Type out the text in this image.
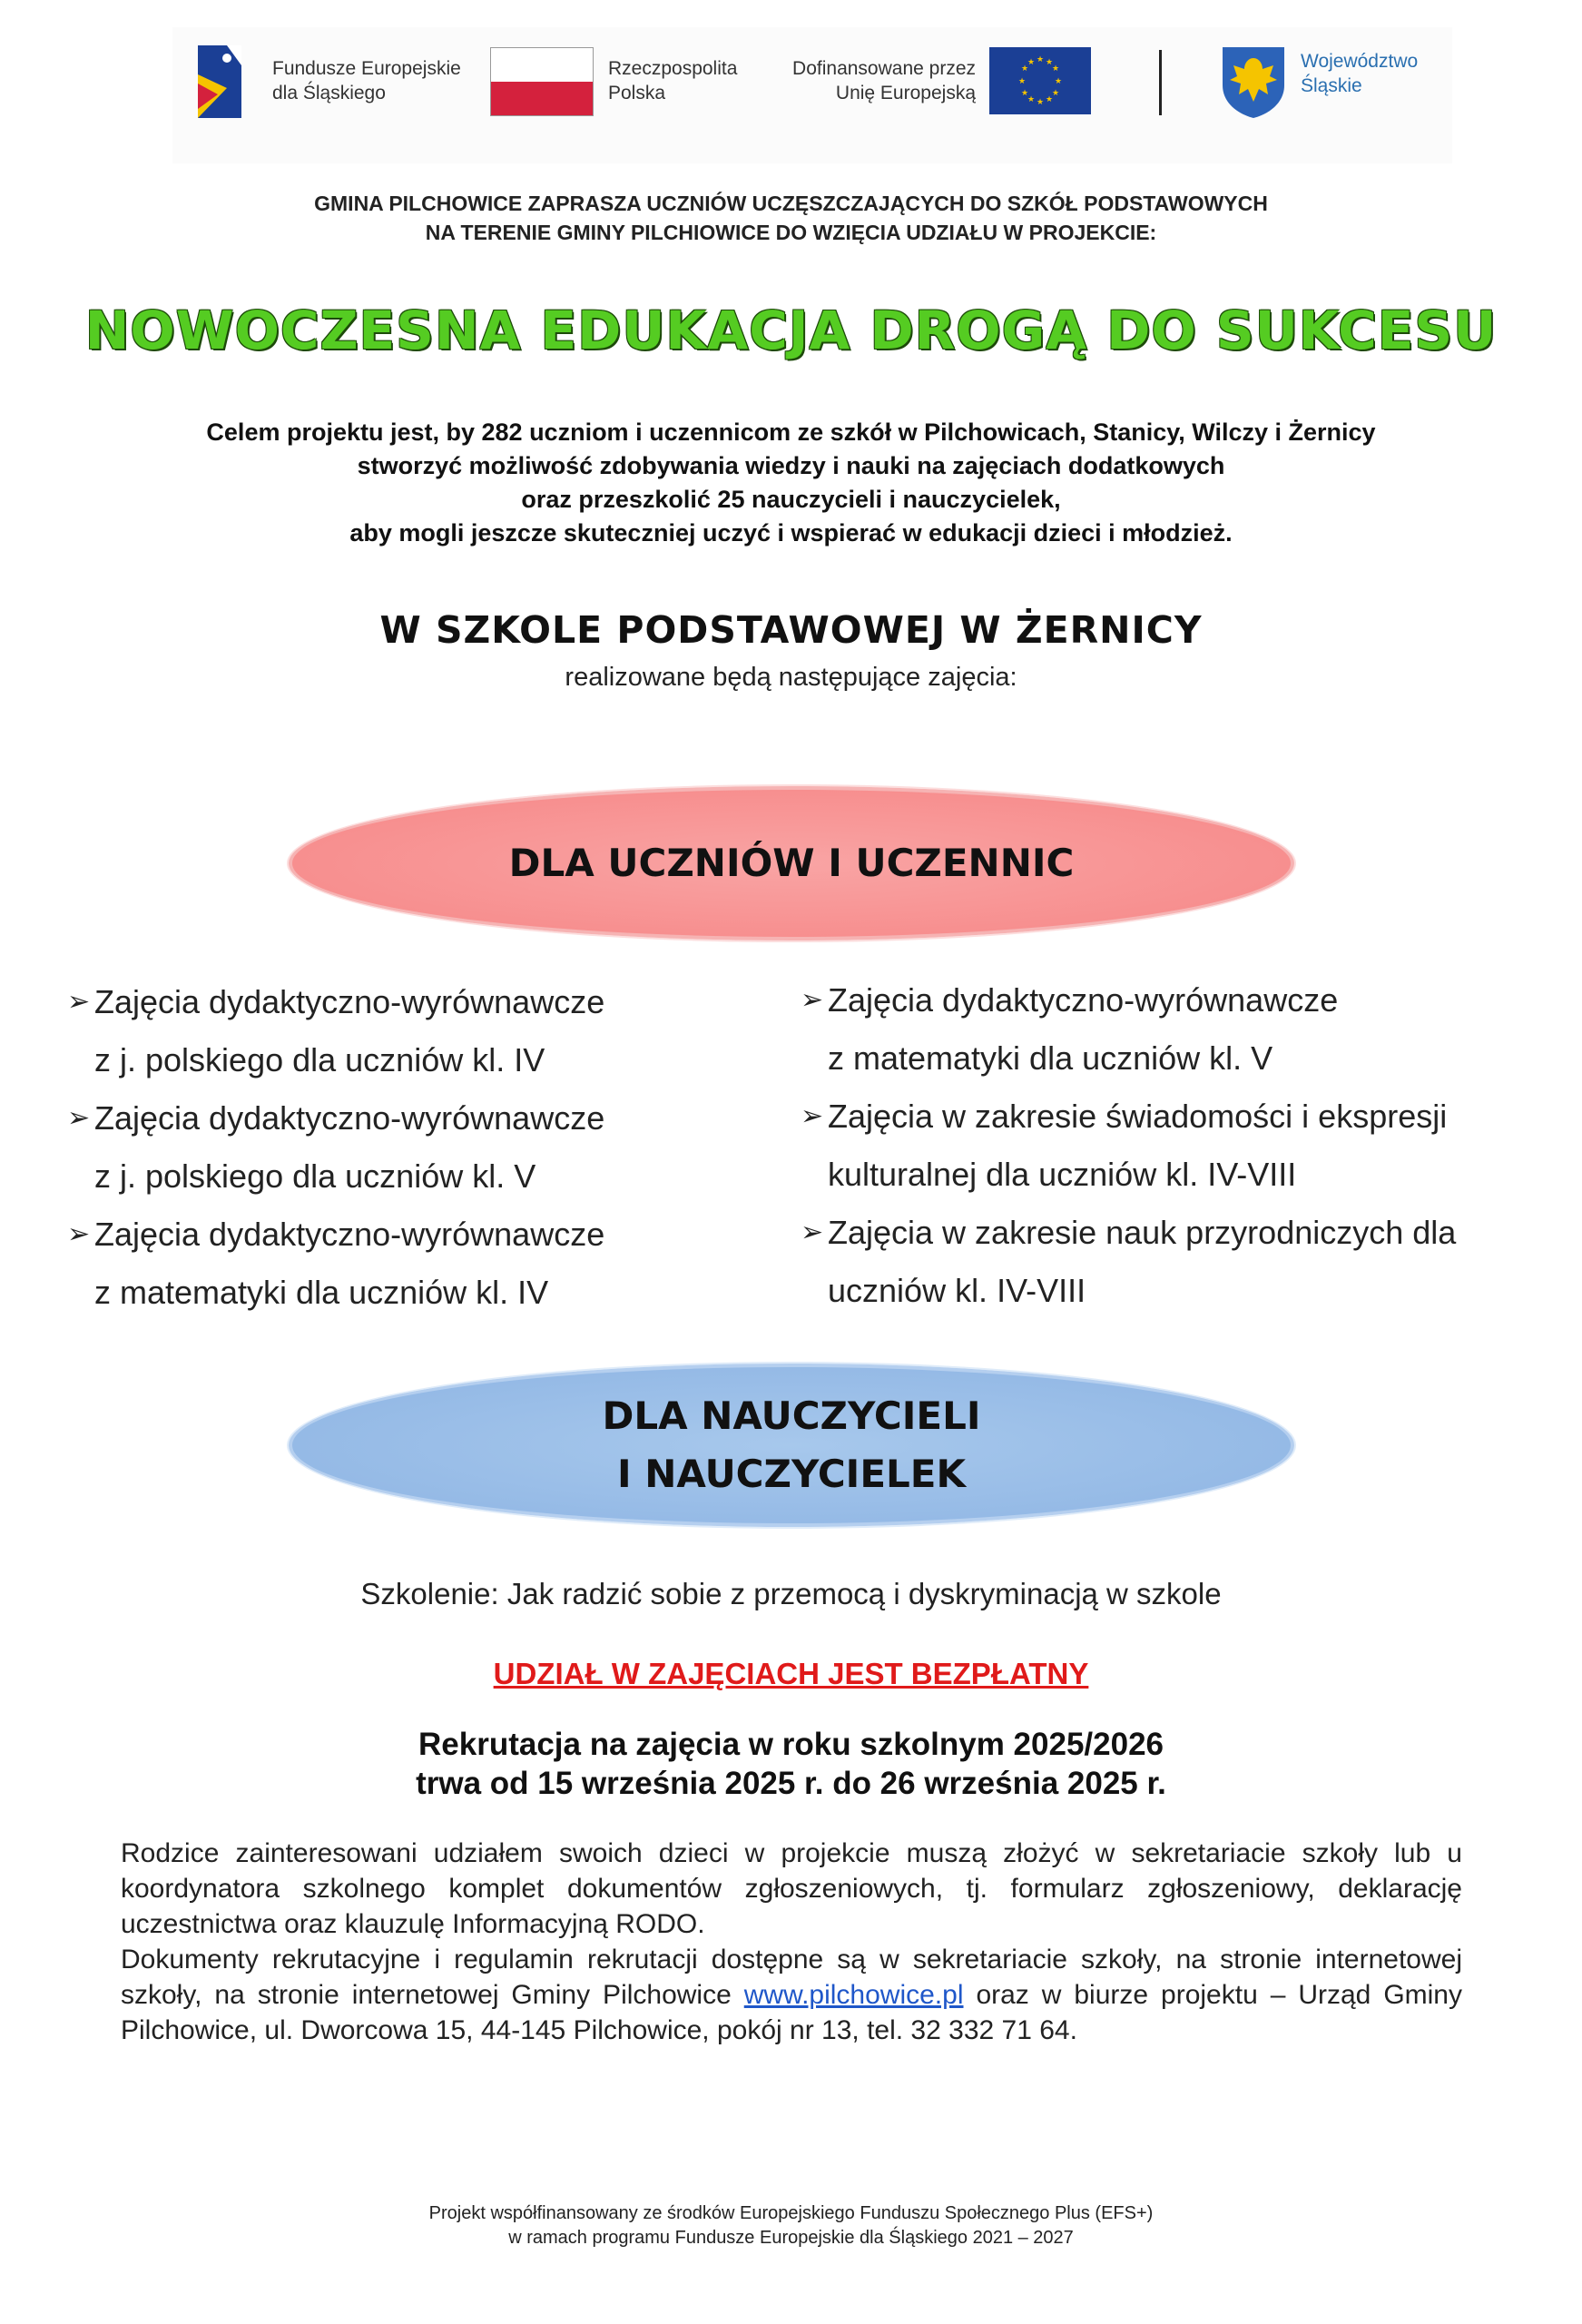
Fundusze Europejskie
dla Śląskiego
Rzeczpospolita
Polska
Dofinansowane przez
Unię Europejską
★ ★
★
★
★
★
★
★
★
★
★
★	Województwo
Śląskie
GMINA PILCHOWICE ZAPRASZA UCZNIÓW UCZĘSZCZAJĄCYCH DO SZKÓŁ PODSTAWOWYCH
NA TERENIE GMINY PILCHIOWICE DO WZIĘCIA UDZIAŁU W PROJEKCIE:
NOWOCZESNA EDUKACJA DROGĄ DO SUKCESU
Celem projektu jest, by 282 uczniom i uczennicom ze szkół w Pilchowicach, Stanicy, Wilczy i Żernicy
stworzyć możliwość zdobywania wiedzy i nauki na zajęciach dodatkowych
oraz przeszkolić 25 nauczycieli i nauczycielek,
aby mogli jeszcze skuteczniej uczyć i wspierać w edukacji dzieci i młodzież.
W SZKOLE PODSTAWOWEJ W ŻERNICY
realizowane będą następujące zajęcia:
DLA UCZNIÓW I UCZENNIC
➢ Zajęcia dydaktyczno-wyrównawcze
z j. polskiego dla uczniów kl. IV
➢ Zajęcia dydaktyczno-wyrównawcze
z j. polskiego dla uczniów kl. V
➢ Zajęcia dydaktyczno-wyrównawcze
z matematyki dla uczniów kl. IV
➢ Zajęcia dydaktyczno-wyrównawcze
z matematyki dla uczniów kl. V
➢ Zajęcia w zakresie świadomości i ekspresji
kulturalnej dla uczniów kl. IV-VIII
➢ Zajęcia w zakresie nauk przyrodniczych dla
uczniów kl. IV-VIII
DLA NAUCZYCIELI
I NAUCZYCIELEK
Szkolenie: Jak radzić sobie z przemocą i dyskryminacją w szkole
UDZIAŁ W ZAJĘCIACH JEST BEZPŁATNY
Rekrutacja na zajęcia w roku szkolnym 2025/2026
trwa od 15 września 2025 r. do 26 września 2025 r.

Rodzice zainteresowani udziałem swoich dzieci w projekcie muszą złożyć w sekretariacie szkoły lub u koordynatora szkolnego komplet dokumentów zgłoszeniowych, tj. formularz zgłoszeniowy, deklarację uczestnictwa oraz klauzulę Informacyjną RODO.

Dokumenty rekrutacyjne i regulamin rekrutacji dostępne są w sekretariacie szkoły, na stronie internetowej szkoły, na stronie internetowej Gminy Pilchowice www.pilchowice.pl oraz w biurze projektu – Urząd Gminy Pilchowice, ul. Dworcowa 15, 44-145 Pilchowice, pokój nr 13, tel. 32 332 71 64.

Projekt współfinansowany ze środków Europejskiego Funduszu Społecznego Plus (EFS+)
w ramach programu Fundusze Europejskie dla Śląskiego 2021 – 2027
